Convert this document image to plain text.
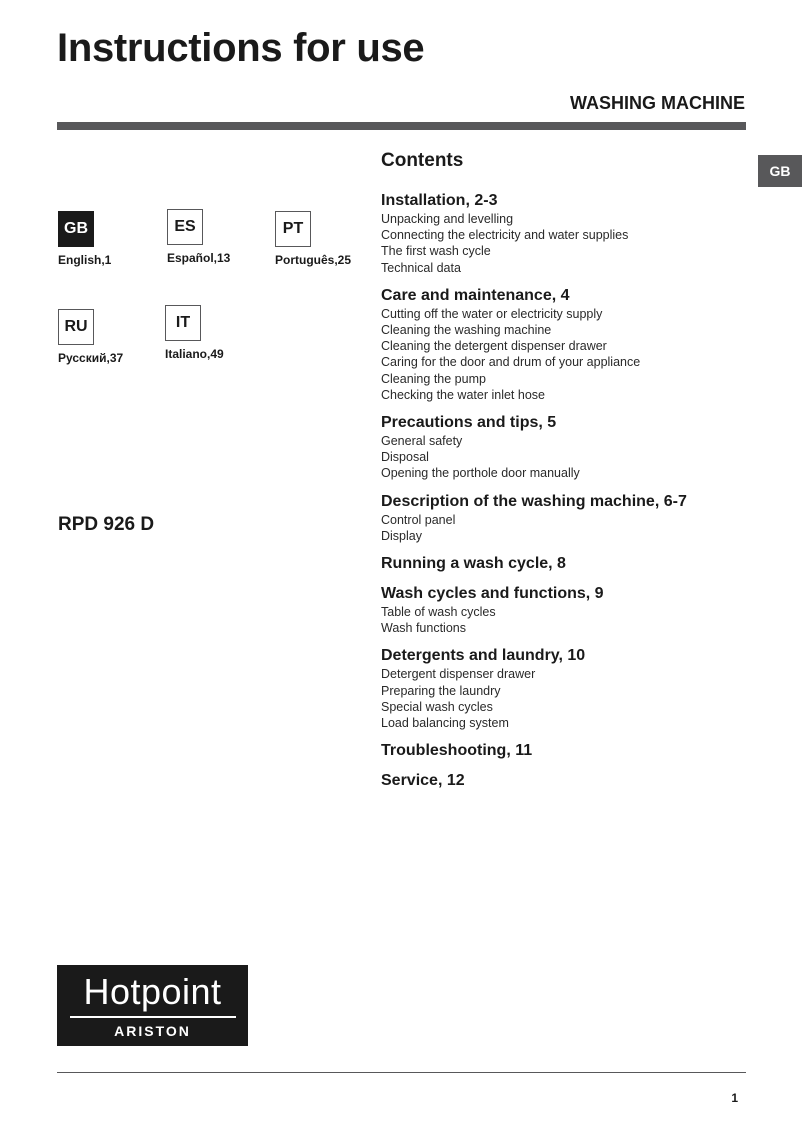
Instructions for use
WASHING MACHINE
GB
GB
English,1
ES
Español,13
PT
Português,25
RU
Русский,37
IT
Italiano,49
RPD 926 D
Contents
Installation, 2-3
Unpacking and levelling
Connecting the electricity and water supplies
The first wash cycle
Technical data
Care and maintenance, 4
Cutting off the water or electricity supply
Cleaning the washing machine
Cleaning the detergent dispenser drawer
Caring for the door and drum of your appliance
Cleaning the pump
Checking the water inlet hose
Precautions and tips, 5
General safety
Disposal
Opening the porthole door manually
Description of the washing machine, 6-7
Control panel
Display
Running a wash cycle, 8
Wash cycles and functions, 9
Table of wash cycles
Wash functions
Detergents and laundry, 10
Detergent dispenser drawer
Preparing the laundry
Special wash cycles
Load balancing system
Troubleshooting, 11
Service, 12
Hotpoint
ARISTON
1
